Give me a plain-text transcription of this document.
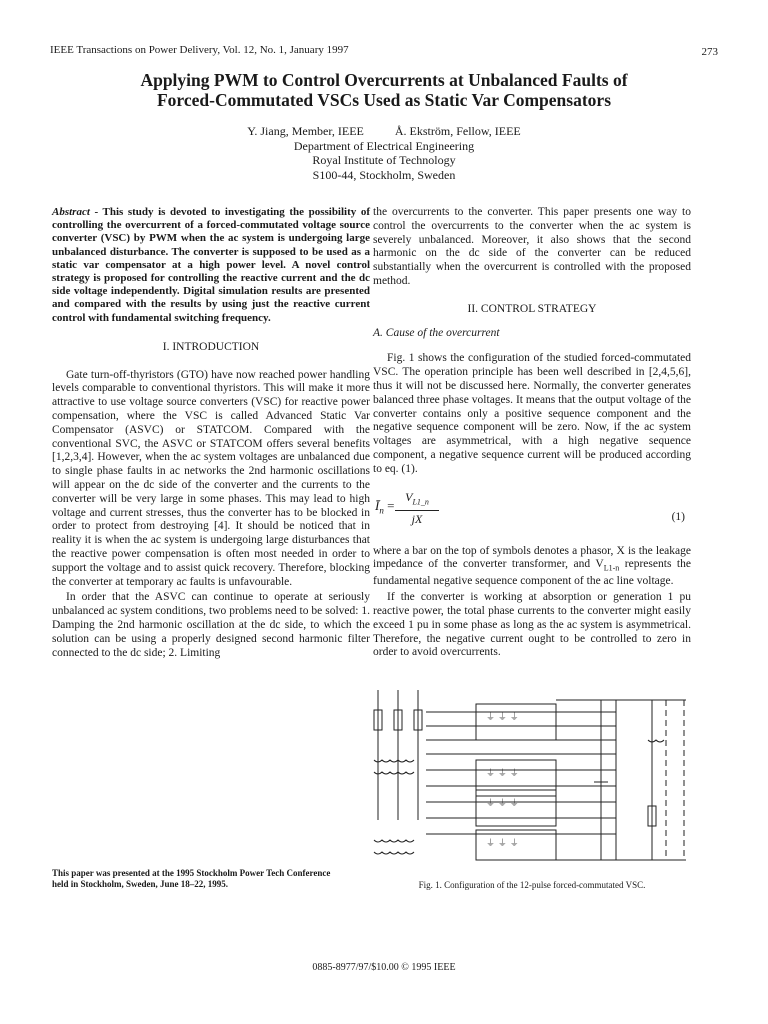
IEEE Transactions on Power Delivery, Vol. 12, No. 1, January 1997	273
Applying PWM to Control Overcurrents at Unbalanced Faults of
Forced-Commutated VSCs Used as Static Var Compensators
Y. Jiang, Member, IEEE	Å. Ekström, Fellow, IEEE
Department of Electrical Engineering
Royal Institute of Technology
S100-44, Stockholm, Sweden
Abstract - This study is devoted to investigating the possibility of controlling the overcurrent of a forced-commutated voltage source converter (VSC) by PWM when the ac system is undergoing large unbalanced disturbance. The converter is supposed to be used as a static var compensator at a high power level. A novel control strategy is proposed for controlling the reactive current and the dc side voltage independently. Digital simulation results are presented and compared with the results by using just the reactive current control with fundamental switching frequency.
I. INTRODUCTION

Gate turn-off-thyristors (GTO) have now reached power handling levels comparable to conventional thyristors. This will make it more attractive to use voltage source converters (VSC) for reactive power compensation, where the VSC is called Advanced Static Var Compensator (ASVC) or STATCOM. Compared with the conventional SVC, the ASVC or STATCOM offers several benefits [1,2,3,4]. However, when the ac system voltages are unbalanced due to single phase faults in ac networks the 2nd harmonic oscillations will appear on the dc side of the converter and the currents to the converter will be very large in some phases. This may lead to high voltage and current stresses, thus the converter has to be blocked in order to protect from destroying [4]. It should be noticed that in reality it is when the ac system is undergoing large disturbances that the reactive power compensation is often most needed in order to support the voltage and to assist quick recovery. Therefore, blocking the converter at temporary ac faults is unfavourable.

In order that the ASVC can continue to operate at seriously unbalanced ac system conditions, two problems need to be solved: 1. Damping the 2nd harmonic oscillation at the dc side, to which the solution can be using a properly designed second harmonic filter connected to the dc side; 2. Limiting

the overcurrents to the converter. This paper presents one way to control the overcurrents to the converter when the ac system is severely unbalanced. Moreover, it also shows that the second harmonic on the dc side of the converter can be reduced substantially when the overcurrent is controlled with the proposed method.

II. CONTROL STRATEGY
A. Cause of the overcurrent

Fig. 1 shows the configuration of the studied forced-commutated VSC. The operation principle has been well described in [2,4,5,6], thus it will not be discussed here. Normally, the converter generates balanced three phase voltages. It means that the output voltage of the converter contains only a positive sequence component and the negative sequence component will be zero. Now, if the ac system voltages are asymmetrical, with a high negative sequence component, a negative sequence current will be produced according to eq. (1).

$Ī_n = \frac{V_{L1\_n}}{jX}$	(1)

where a bar on the top of symbols denotes a phasor, X is the leakage impedance of the converter transformer, and $V_{L1-n}$ represents the fundamental negative sequence component of the ac line voltage.

If the converter is working at absorption or generation 1 pu reactive power, the total phase currents to the converter might easily exceed 1 pu in some phase as long as the ac system is asymmetrical. Therefore, the negative current ought to be controlled to zero in order to avoid overcurrents.

⏚ ⏚ ⏚
⏚ ⏚ ⏚
⏚ ⏚ ⏚
⏚ ⏚ ⏚
This paper was presented at the 1995 Stockholm Power Tech Conference held in Stockholm, Sweden, June 18–22, 1995.	Fig. 1. Configuration of the 12-pulse forced-commutated VSC.
0885-8977/97/$10.00 © 1995 IEEE
